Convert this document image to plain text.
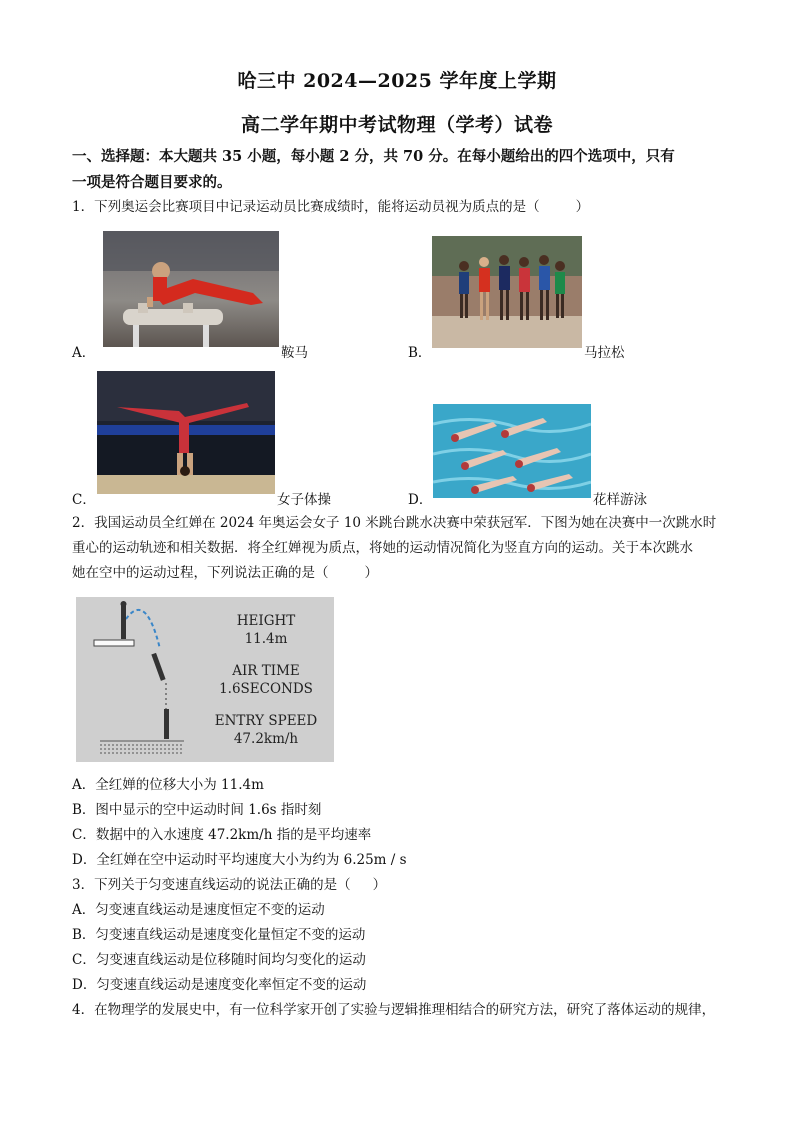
哈三中 2024—2025 学年度上学期
高二学年期中考试物理（学考）试卷
一、选择题：本大题共 35 小题，每小题 2 分，共 70 分。在每小题给出的四个选项中，只有
一项是符合题目要求的。
1．下列奥运会比赛项目中记录运动员比赛成绩时，能将运动员视为质点的是（	）
A．	鞍马	B．	马拉松
C．	女子体操	D．	花样游泳
2．我国运动员全红婵在 2024 年奥运会女子 10 米跳台跳水决赛中荣获冠军．下图为她在决赛中一次跳水时
重心的运动轨迹和相关数据．将全红婵视为质点，将她的运动情况简化为竖直方向的运动。关于本次跳水
她在空中的运动过程，下列说法正确的是（	）
HEIGHT
11.4m
AIR TIME
1.6SECONDS
ENTRY SPEED
47.2km/h
A．全红婵的位移大小为 11.4m
B．图中显示的空中运动时间 1.6s 指时刻
C．数据中的入水速度 47.2km/h 指的是平均速率
D．全红婵在空中运动时平均速度大小为约为 6.25m / s
3．下列关于匀变速直线运动的说法正确的是（ ）
A．匀变速直线运动是速度恒定不变的运动
B．匀变速直线运动是速度变化量恒定不变的运动
C．匀变速直线运动是位移随时间均匀变化的运动
D．匀变速直线运动是速度变化率恒定不变的运动
4．在物理学的发展史中，有一位科学家开创了实验与逻辑推理相结合的研究方法，研究了落体运动的规律，
